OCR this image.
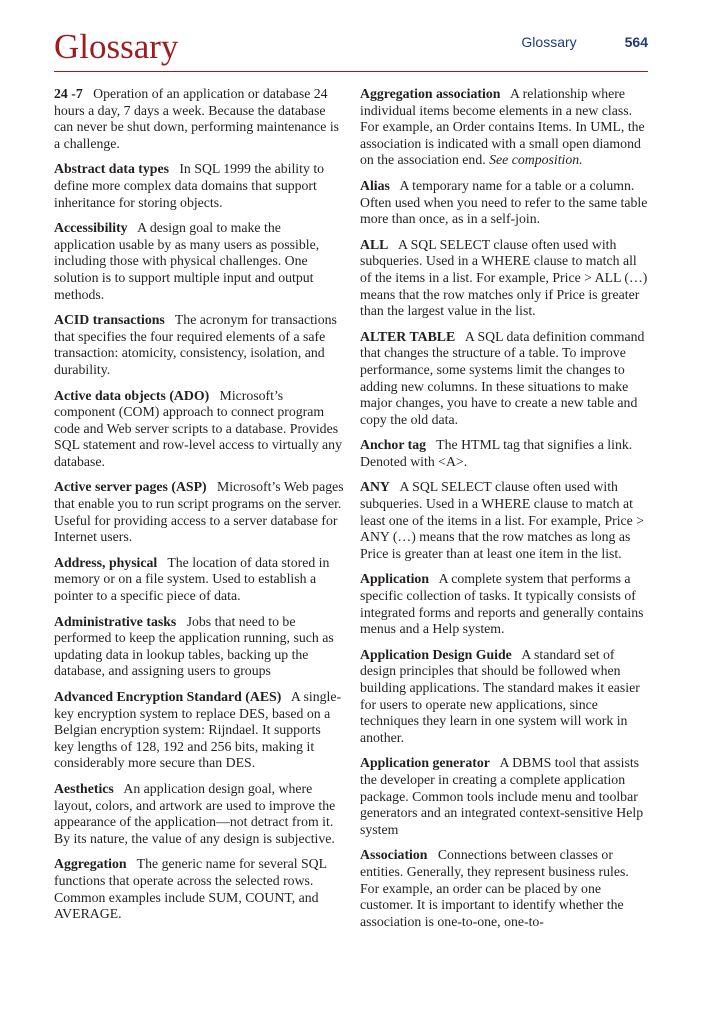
Glossary	Glossary	564

24 -7 Operation of an application or database 24 hours a day, 7 days a week. Because the database can never be shut down, performing maintenance is a challenge.

Abstract data types In SQL 1999 the ability to define more complex data domains that support inheritance for storing objects.

Accessibility A design goal to make the application usable by as many users as possible, including those with physical challenges. One solution is to support multiple input and output methods.

ACID transactions The acronym for transactions that specifies the four required elements of a safe transaction: atomicity, consistency, isolation, and durability.

Active data objects (ADO) Microsoft’s component (COM) approach to connect program code and Web server scripts to a database. Provides SQL statement and row-level access to virtually any database.

Active server pages (ASP) Microsoft’s Web pages that enable you to run script programs on the server. Useful for providing access to a server database for Internet users.

Address, physical The location of data stored in memory or on a file system. Used to establish a pointer to a specific piece of data.

Administrative tasks Jobs that need to be performed to keep the application running, such as updating data in lookup tables, backing up the database, and assigning users to groups

Advanced Encryption Standard (AES) A single-key encryption system to replace DES, based on a Belgian encryption system: Rijndael. It supports key lengths of 128, 192 and 256 bits, making it considerably more secure than DES.

Aesthetics An application design goal, where layout, colors, and artwork are used to improve the appearance of the application—not detract from it. By its nature, the value of any design is subjective.

Aggregation The generic name for several SQL functions that operate across the selected rows. Common examples include SUM, COUNT, and AVERAGE.

Aggregation association A relationship where individual items become elements in a new class. For example, an Order contains Items. In UML, the association is indicated with a small open diamond on the association end. See composition.

Alias A temporary name for a table or a column. Often used when you need to refer to the same table more than once, as in a self-join.

ALL A SQL SELECT clause often used with subqueries. Used in a WHERE clause to match all of the items in a list. For example, Price > ALL (…) means that the row matches only if Price is greater than the largest value in the list.

ALTER TABLE A SQL data definition command that changes the structure of a table. To improve performance, some systems limit the changes to adding new columns. In these situations to make major changes, you have to create a new table and copy the old data.

Anchor tag The HTML tag that signifies a link. Denoted with <A>.

ANY A SQL SELECT clause often used with subqueries. Used in a WHERE clause to match at least one of the items in a list. For example, Price > ANY (…) means that the row matches as long as Price is greater than at least one item in the list.

Application A complete system that performs a specific collection of tasks. It typically consists of integrated forms and reports and generally contains menus and a Help system.

Application Design Guide A standard set of design principles that should be followed when building applications. The standard makes it easier for users to operate new applications, since techniques they learn in one system will work in another.

Application generator A DBMS tool that assists the developer in creating a complete application package. Common tools include menu and toolbar generators and an integrated context-sensitive Help system

Association Connections between classes or entities. Generally, they represent business rules. For example, an order can be placed by one customer. It is important to identify whether the association is one-to-one, one-to-
